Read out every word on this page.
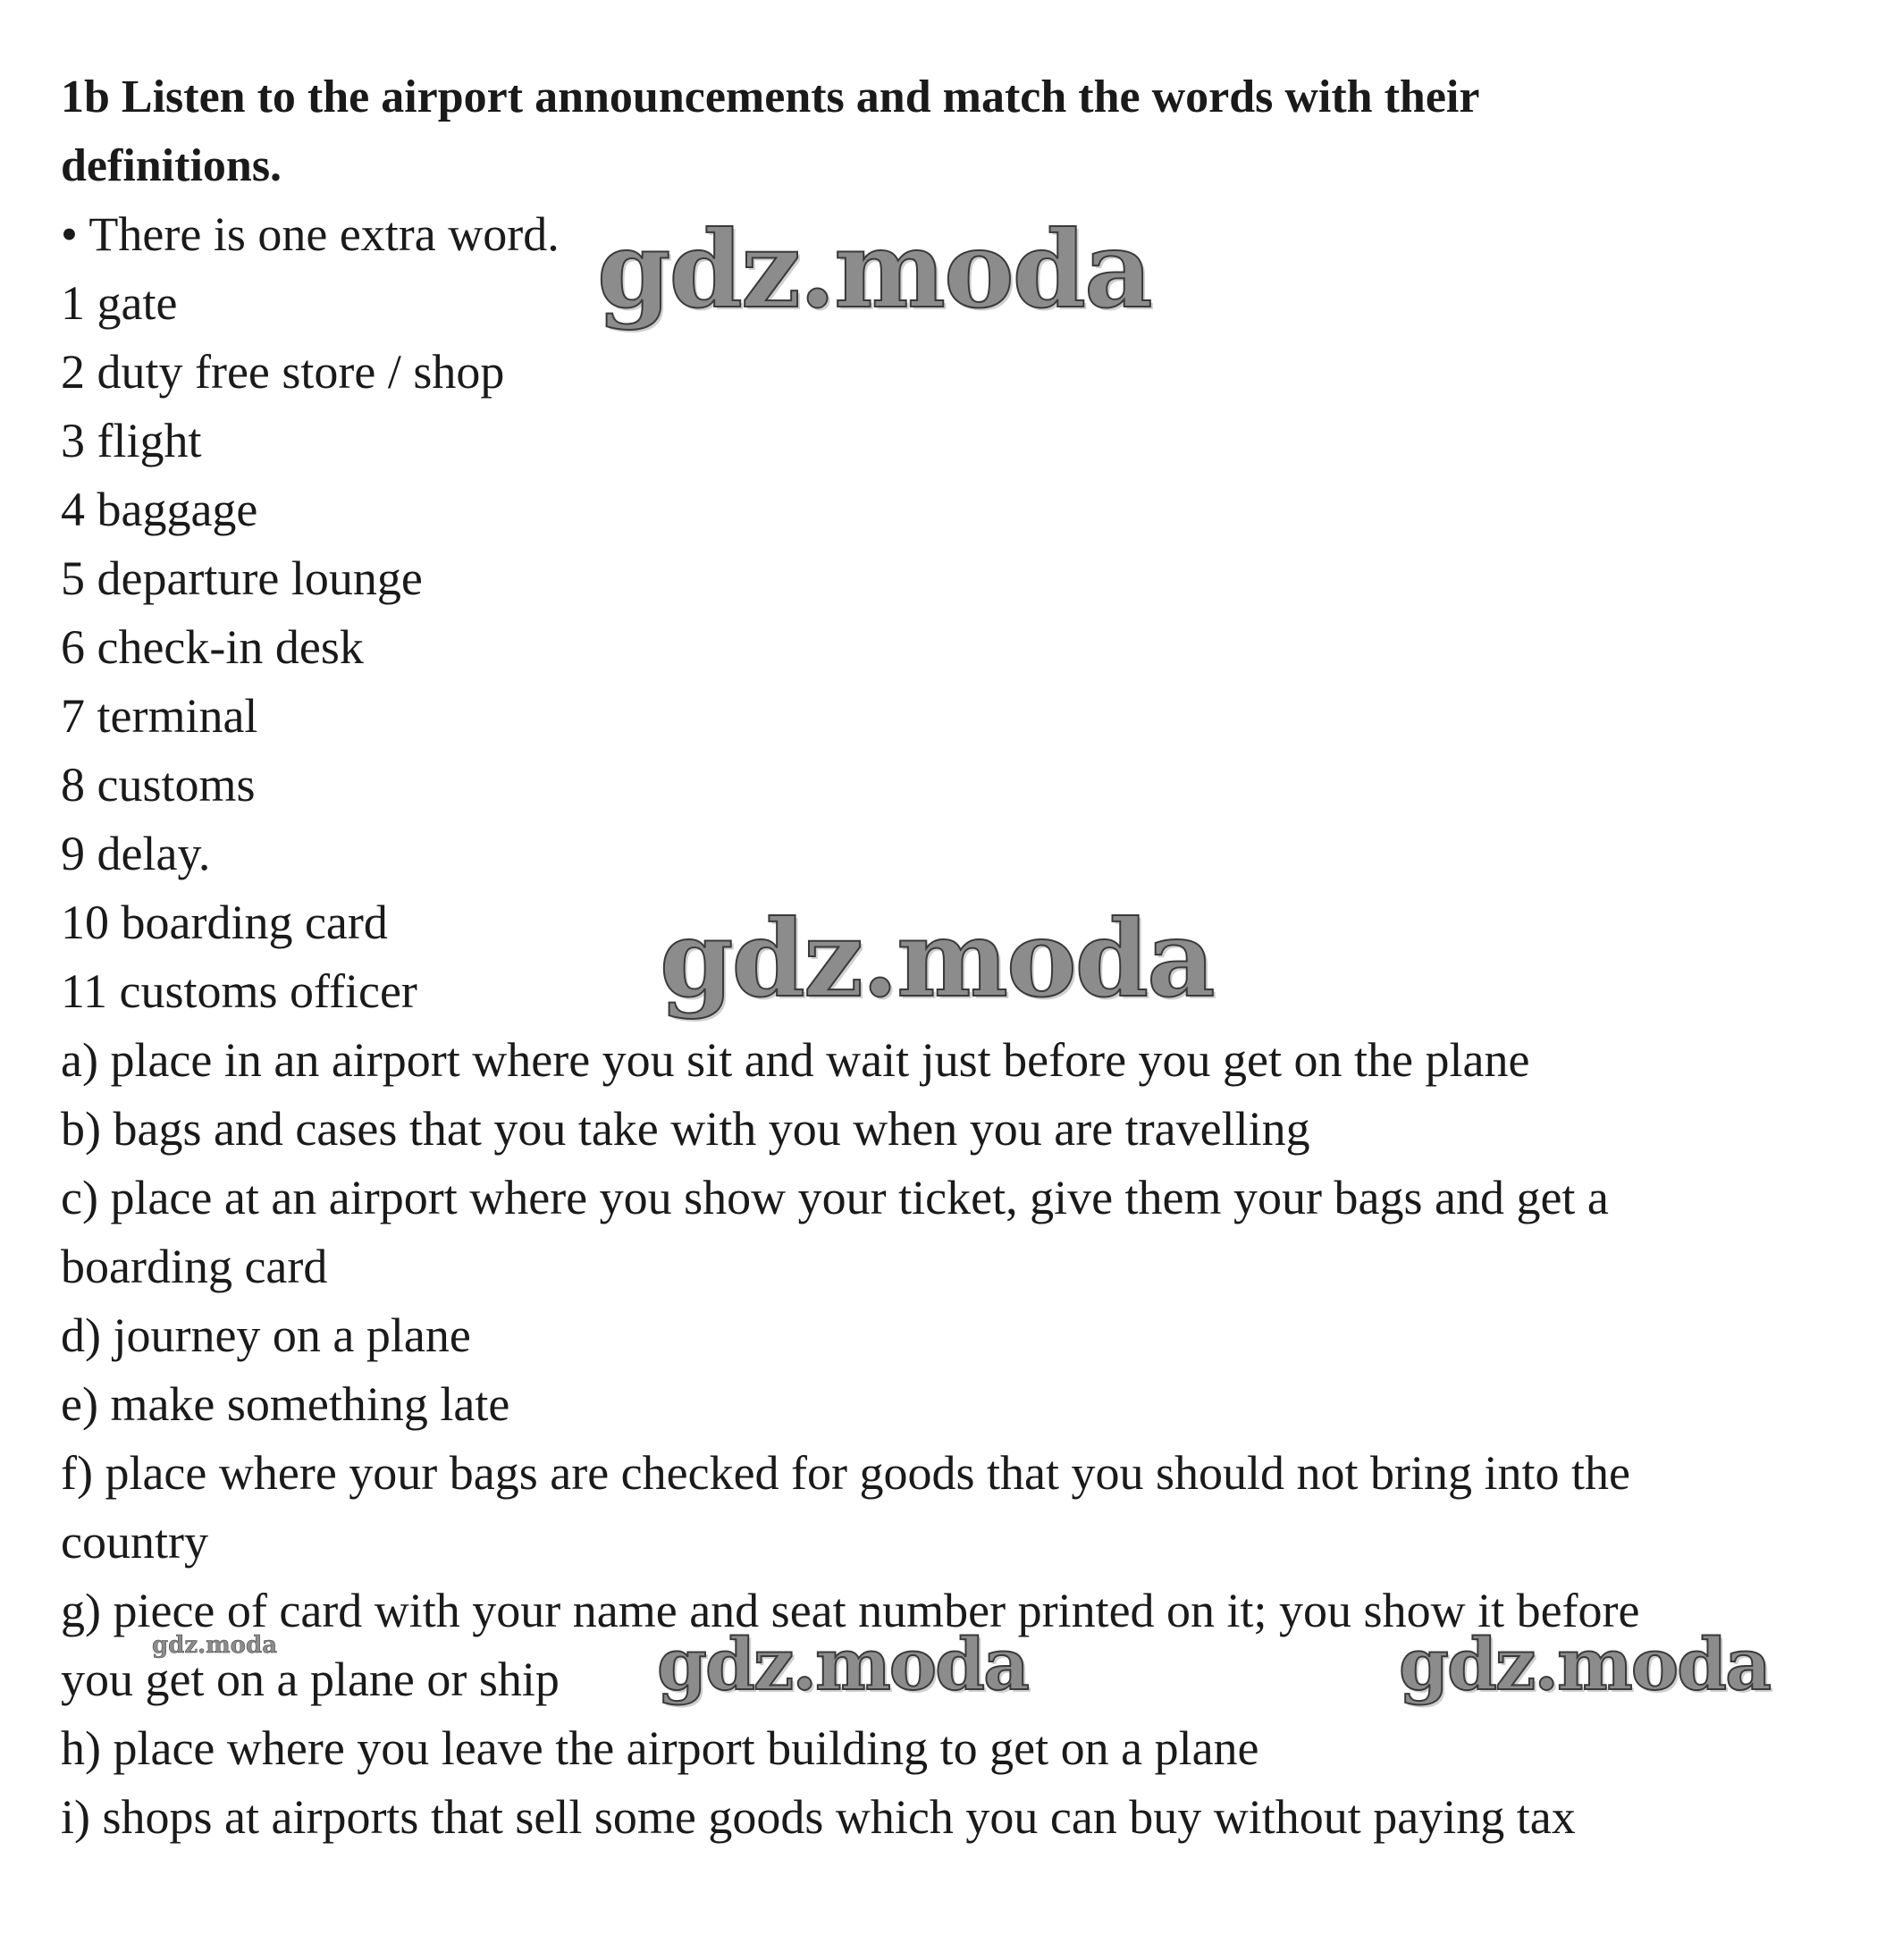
1b Listen to the airport announcements and match the words with their
definitions.
• There is one extra word.
1 gate
2 duty free store / shop
3 flight
4 baggage
5 departure lounge
6 check-in desk
7 terminal
8 customs
9 delay.
10 boarding card
11 customs officer
a) place in an airport where you sit and wait just before you get on the plane
b) bags and cases that you take with you when you are travelling
c) place at an airport where you show your ticket, give them your bags and get a
boarding card
d) journey on a plane
e) make something late
f) place where your bags are checked for goods that you should not bring into the
country
g) piece of card with your name and seat number printed on it; you show it before
you get on a plane or ship
h) place where you leave the airport building to get on a plane
i) shops at airports that sell some goods which you can buy without paying tax
gdz.moda
gdz.moda
gdz.moda	gdz.moda
gdz.moda
